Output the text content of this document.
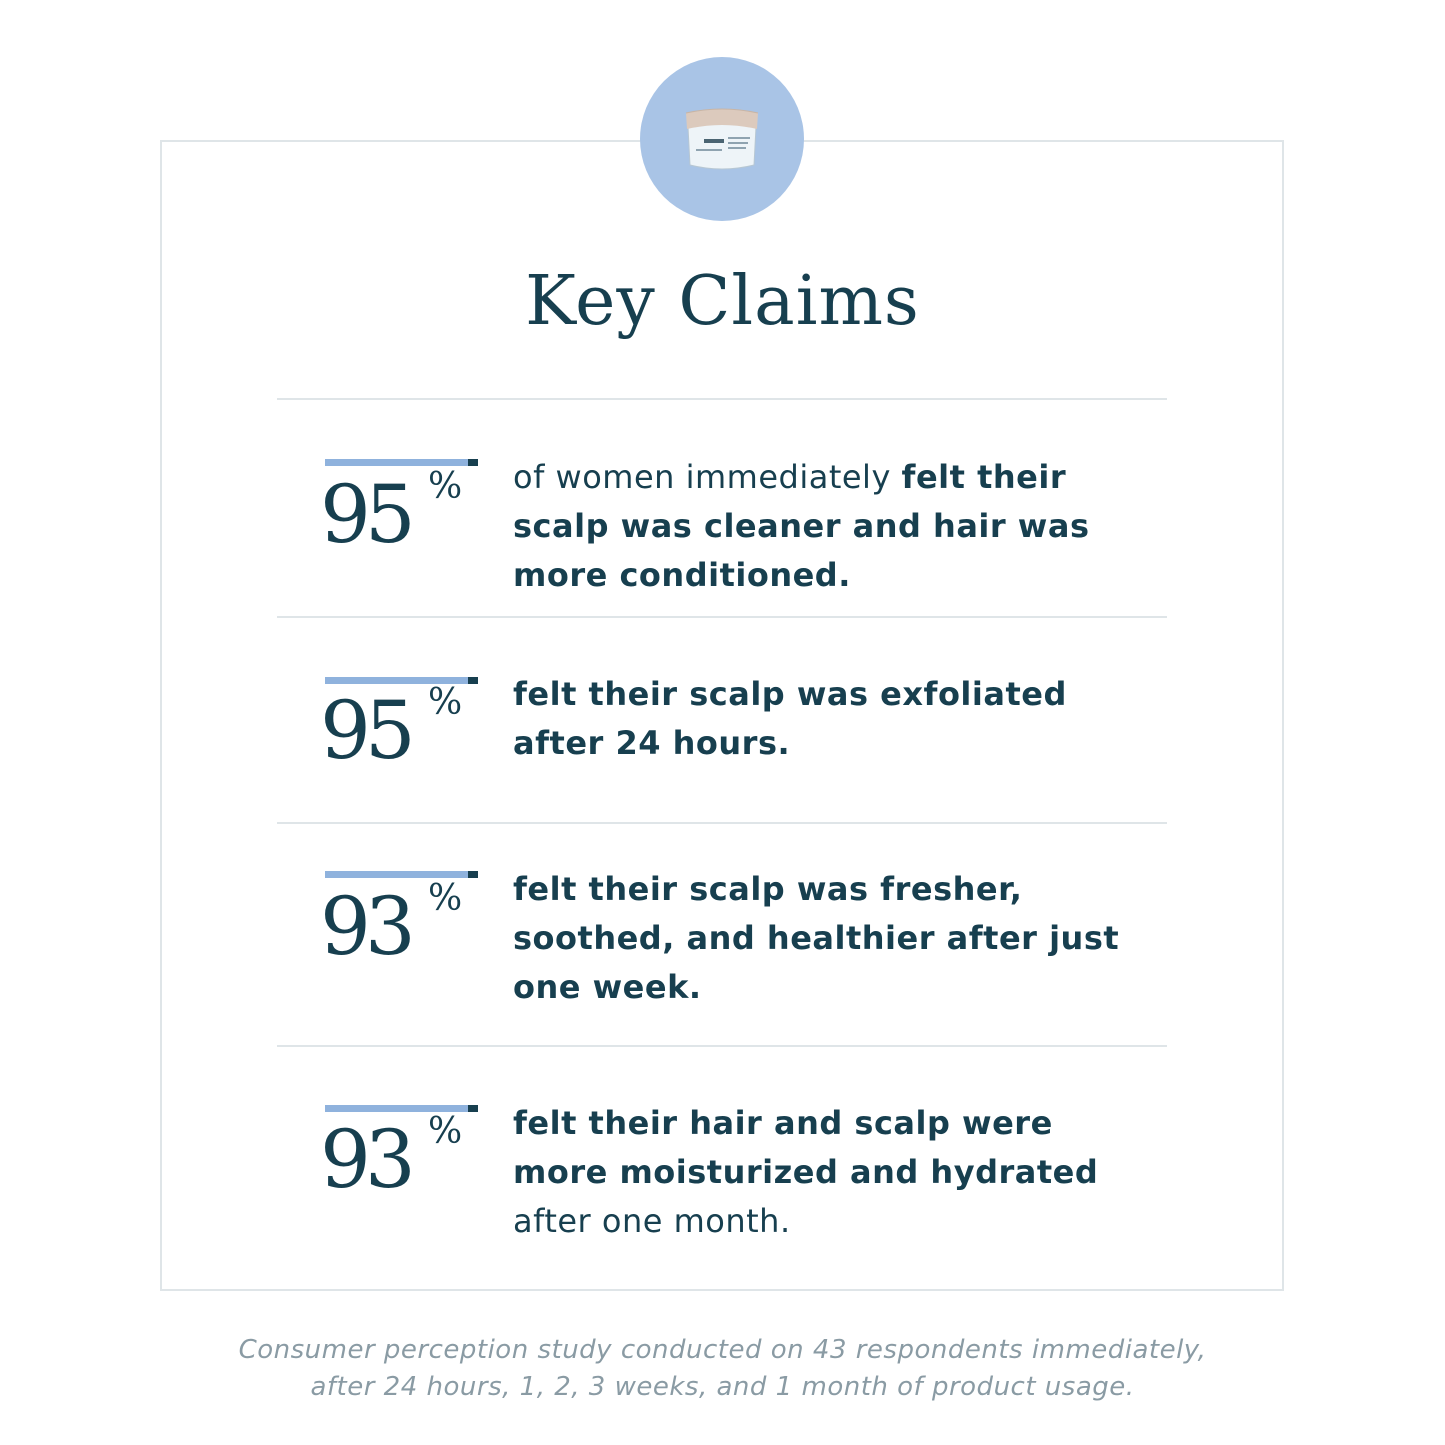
Key Claims
95 % of women immediately felt their scalp was cleaner and hair was more conditioned.
95 % felt their scalp was exfoliated after 24 hours.
93 % felt their scalp was fresher, soothed, and healthier after just one week.
93 % felt their hair and scalp were more moisturized and hydrated after one month.
Consumer perception study conducted on 43 respondents immediately,
after 24 hours, 1, 2, 3 weeks, and 1 month of product usage.
